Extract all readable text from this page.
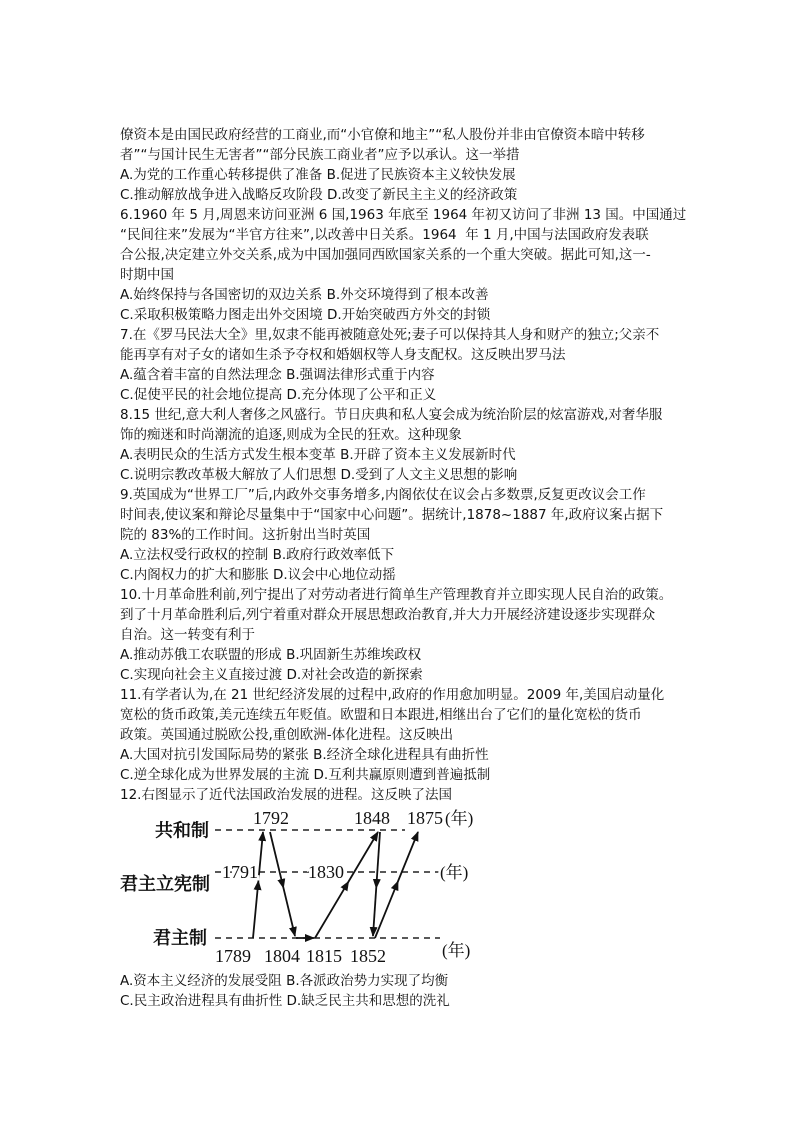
僚资本是由国民政府经营的工商业,而“小官僚和地主”“私人股份并非由官僚资本暗中转移
者”“与国计民生无害者”“部分民族工商业者”应予以承认。这一举措
A.为党的工作重心转移提供了准备 B.促进了民族资本主义较快发展
C.推动解放战争进入战略反攻阶段 D.改变了新民主主义的经济政策
6.1960 年 5 月,周恩来访问亚洲 6 国,1963 年底至 1964 年初又访问了非洲 13 国。中国通过
“民间往来”发展为“半官方往来”,以改善中日关系。1964  年 1 月,中国与法国政府发表联
合公报,决定建立外交关系,成为中国加强同西欧国家关系的一个重大突破。据此可知,这一-
时期中国
A.始终保持与各国密切的双边关系 B.外交环境得到了根本改善
C.采取积极策略力图走出外交困境 D.开始突破西方外交的封锁
7.在《罗马民法大全》里,奴隶不能再被随意处死;妻子可以保持其人身和财产的独立;父亲不
能再享有对子女的诸如生杀予夺权和婚姻权等人身支配权。这反映出罗马法
A.蕴含着丰富的自然法理念 B.强调法律形式重于内容
C.促使平民的社会地位提高 D.充分体现了公平和正义
8.15 世纪,意大利人奢侈之风盛行。节日庆典和私人宴会成为统治阶层的炫富游戏,对奢华服
饰的痴迷和时尚潮流的追逐,则成为全民的狂欢。这种现象
A.表明民众的生活方式发生根本变革 B.开辟了资本主义发展新时代
C.说明宗教改革极大解放了人们思想 D.受到了人文主义思想的影响
9.英国成为“世界工厂”后,内政外交事务增多,内阁依仗在议会占多数票,反复更改议会工作
时间表,使议案和辩论尽量集中于“国家中心问题”。据统计,1878~1887 年,政府议案占据下
院的 83%的工作时间。这折射出当时英国
A.立法权受行政权的控制 B.政府行政效率低下
C.内阁权力的扩大和膨胀 D.议会中心地位动摇
10.十月革命胜利前,列宁提出了对劳动者进行简单生产管理教育并立即实现人民自治的政策。
到了十月革命胜利后,列宁着重对群众开展思想政治教育,并大力开展经济建设逐步实现群众
自治。这一转变有利于
A.推动苏俄工农联盟的形成 B.巩固新生苏维埃政权
C.实现向社会主义直接过渡 D.对社会改造的新探索
11.有学者认为,在 21 世纪经济发展的过程中,政府的作用愈加明显。2009 年,美国启动量化
宽松的货币政策,美元连续五年贬值。欧盟和日本跟进,相继出台了它们的量化宽松的货币
政策。英国通过脱欧公投,重创欧洲-体化进程。这反映出
A.大国对抗引发国际局势的紧张 B.经济全球化进程具有曲折性
C.逆全球化成为世界发展的主流 D.互利共赢原则遭到普遍抵制
12.右图显示了近代法国政治发展的进程。这反映了法国
共和制
君主立宪制
君主制
1792	1848 1875 (年)
1791	1830	(年)
1789 1804 1815 1852	(年)
A.资本主义经济的发展受阻 B.各派政治势力实现了均衡
C.民主政治进程具有曲折性 D.缺乏民主共和思想的洗礼
